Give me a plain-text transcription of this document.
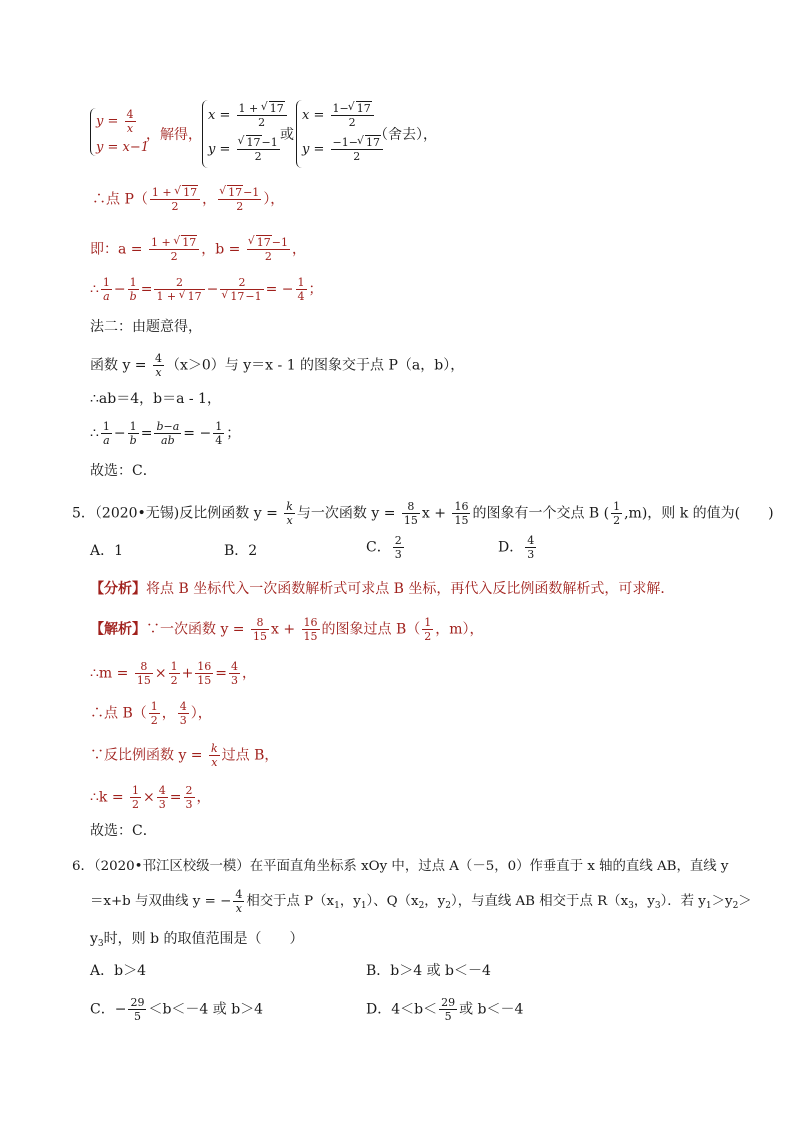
$y = \frac{4}{x}$
y = x−1
，解得，
$x = \frac{1 + √ 17}{2}$
y = √ $\frac{17-1}{2}$
或
$x = \frac{1- √ 17}{2}$
$y = \frac{-1- √ 17}{2}$
（舍去），
∴点 $P( \frac{1 + √ 17}{2}$ ， √ $\frac{17-1}{2}$ ），
即：$a = \frac{1 + √ 17}{2}$ ，b = √ $\frac{17-1}{2}$ ，
∴ $\frac{1}{a} - \frac{1}{b} = \frac{2}{1 + √ 17} - 2$
√ 17−1 = − $\frac{1}{4}$ ；
法二：由题意得，
函数 $y = \frac{4}{x} (x>0)$与 y＝x - 1 的图象交于点 P（a，b），
∴ab＝4，b＝a - 1，
∴ $\frac{1}{a} - \frac{1}{b} = \frac{b-a}{ab}$ = − $\frac{1}{4}$ ；
故选：C．
5．（2020•无锡)反比例函数 $y = \frac{k}{x}$ 与一次函数 $y = \frac{8}{15}$ $x + \frac{16}{15}$ 的图象有一个交点 B ( $\frac{1}{2} ,m$)，则 k 的值为(　　)
A．1	B．2	C． $\frac{2}{3}$	D． $\frac{4}{3}$
【分析】将点 B 坐标代入一次函数解析式可求点 B 坐标，再代入反比例函数解析式，可求解．
【解析】∵一次函数 $y = \frac{8}{15}$ $x + \frac{16}{15}$ 的图象过点 $B( \frac{1}{2}$ ，m），
∴m = $\frac{8}{15} \times \frac{1}{2} + \frac{16}{15} = \frac{4}{3}$ ，
∴点 $B( \frac{1}{2}$ ， $\frac{4}{3}$ ），
∵反比例函数 $y = \frac{k}{x}$ 过点 B，
∴k = $\frac{1}{2} \times \frac{4}{3} = \frac{2}{3}$ ，
故选：C．
6．（2020•邗江区校级一模）在平面直角坐标系 xOy 中，过点 A（－5，0）作垂直于 x 轴的直线 AB，直线 y
＝x+b 与双曲线 y = − $\frac{4}{x}$ 相交于点 $P(x_1$，$y_1$）、$Q(x_2$，$y_2$），与直线 AB 相交于点 $R(x_3$，$y_3$）．若 $y_1>y_2>$
$y_3$时，则 b 的取值范围是（　　）
A．b＞4	B．b＞4 或 b＜－4
C．− $\frac{29}{5} <b<-4$ 或 b＞4	D．$4<b< \frac{29}{5}$ 或 b＜－4
